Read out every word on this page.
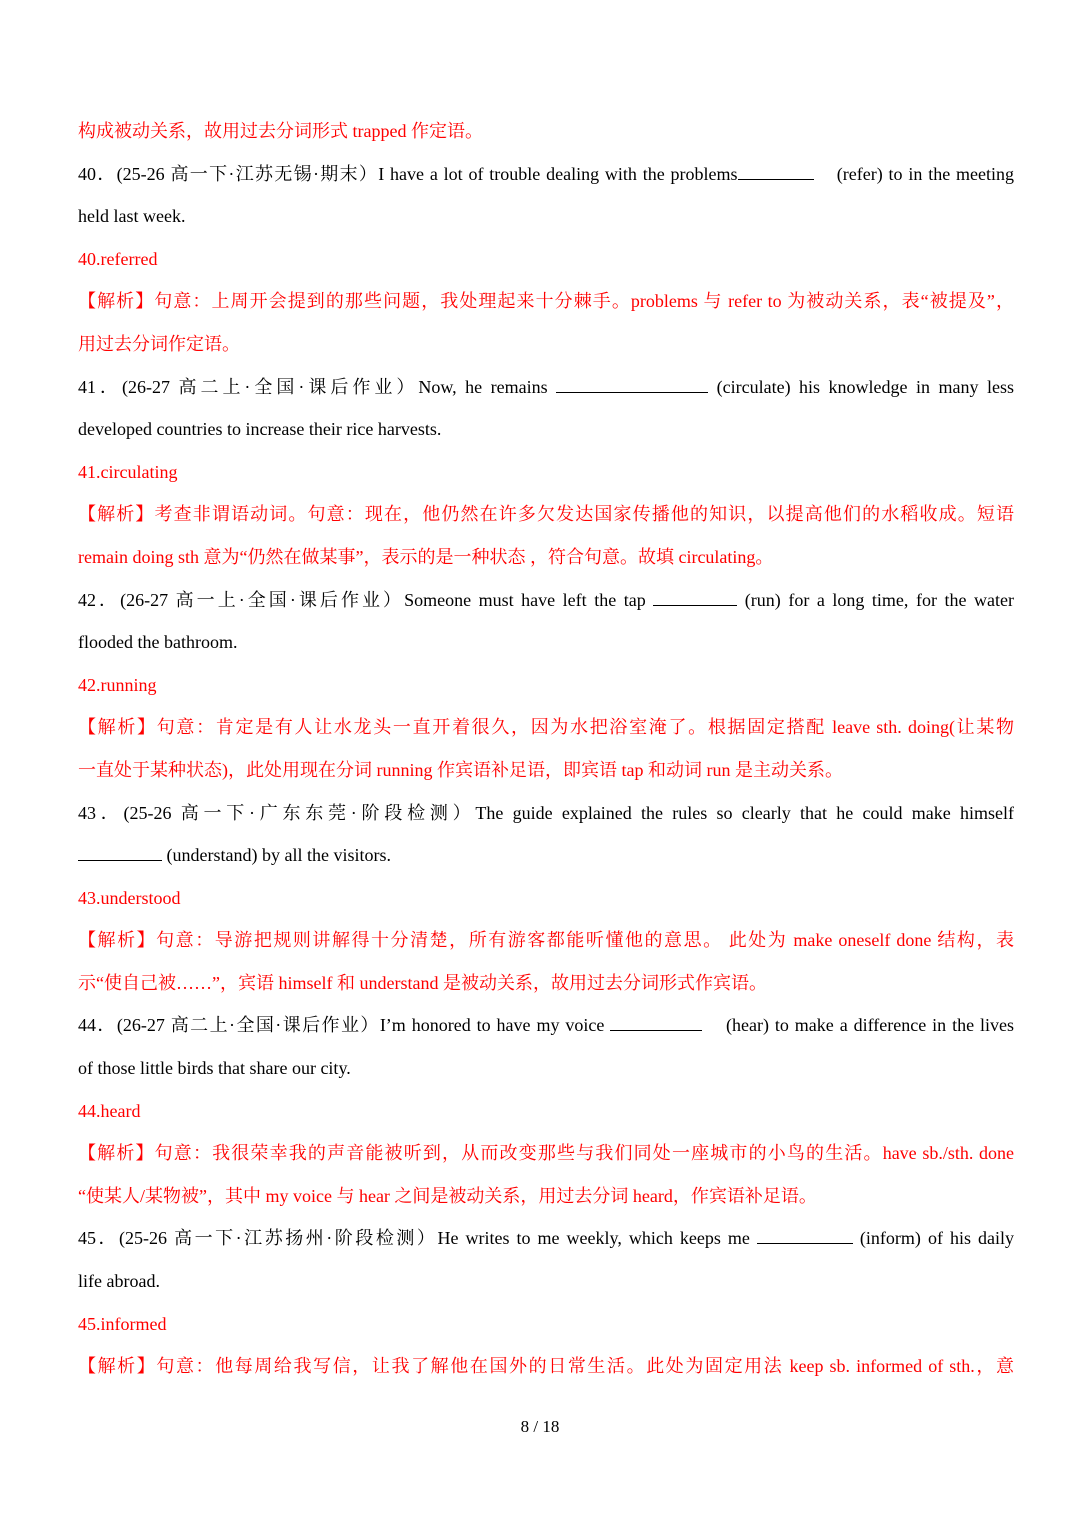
构成被动关系，故用过去分词形式 trapped 作定语。
40．(25-26 高一下·江苏无锡·期末）I have a lot of trouble dealing with the problems	(refer) to in the meeting
held last week.
40.referred
【解析】句意：上周开会提到的那些问题，我处理起来十分棘手。problems 与 refer to 为被动关系，表“被提及”，
用过去分词作定语。
41．(26-27 高二上·全国·课后作业）Now, he remains	(circulate) his knowledge in many less
developed countries to increase their rice harvests.
41.circulating
【解析】考查非谓语动词。句意：现在，他仍然在许多欠发达国家传播他的知识，以提高他们的水稻收成。短语
remain doing sth 意为“仍然在做某事”，表示的是一种状态 ，符合句意。故填 circulating。
42．(26-27 高一上·全国·课后作业）Someone must have left the tap	(run) for a long time, for the water
flooded the bathroom.
42.running
【解析】句意：肯定是有人让水龙头一直开着很久，因为水把浴室淹了。根据固定搭配 leave sth. doing(让某物
一直处于某种状态)，此处用现在分词 running 作宾语补足语，即宾语 tap 和动词 run 是主动关系。
43．(25-26 高一下·广东东莞·阶段检测）The guide explained the rules so clearly that he could make himself
(understand) by all the visitors.
43.understood
【解析】句意：导游把规则讲解得十分清楚，所有游客都能听懂他的意思。 此处为 make oneself done 结构，表
示“使自己被……”，宾语 himself 和 understand 是被动关系，故用过去分词形式作宾语。
44．(26-27 高二上·全国·课后作业）I’m honored to have my voice	(hear) to make a difference in the lives
of those little birds that share our city.
44.heard
【解析】句意：我很荣幸我的声音能被听到，从而改变那些与我们同处一座城市的小鸟的生活。have sb./sth. done
“使某人/某物被”，其中 my voice 与 hear 之间是被动关系，用过去分词 heard，作宾语补足语。
45．(25-26 高一下·江苏扬州·阶段检测）He writes to me weekly, which keeps me	(inform) of his daily
life abroad.
45.informed
【解析】句意：他每周给我写信，让我了解他在国外的日常生活。此处为固定用法 keep sb. informed of sth.，意
8 / 18
